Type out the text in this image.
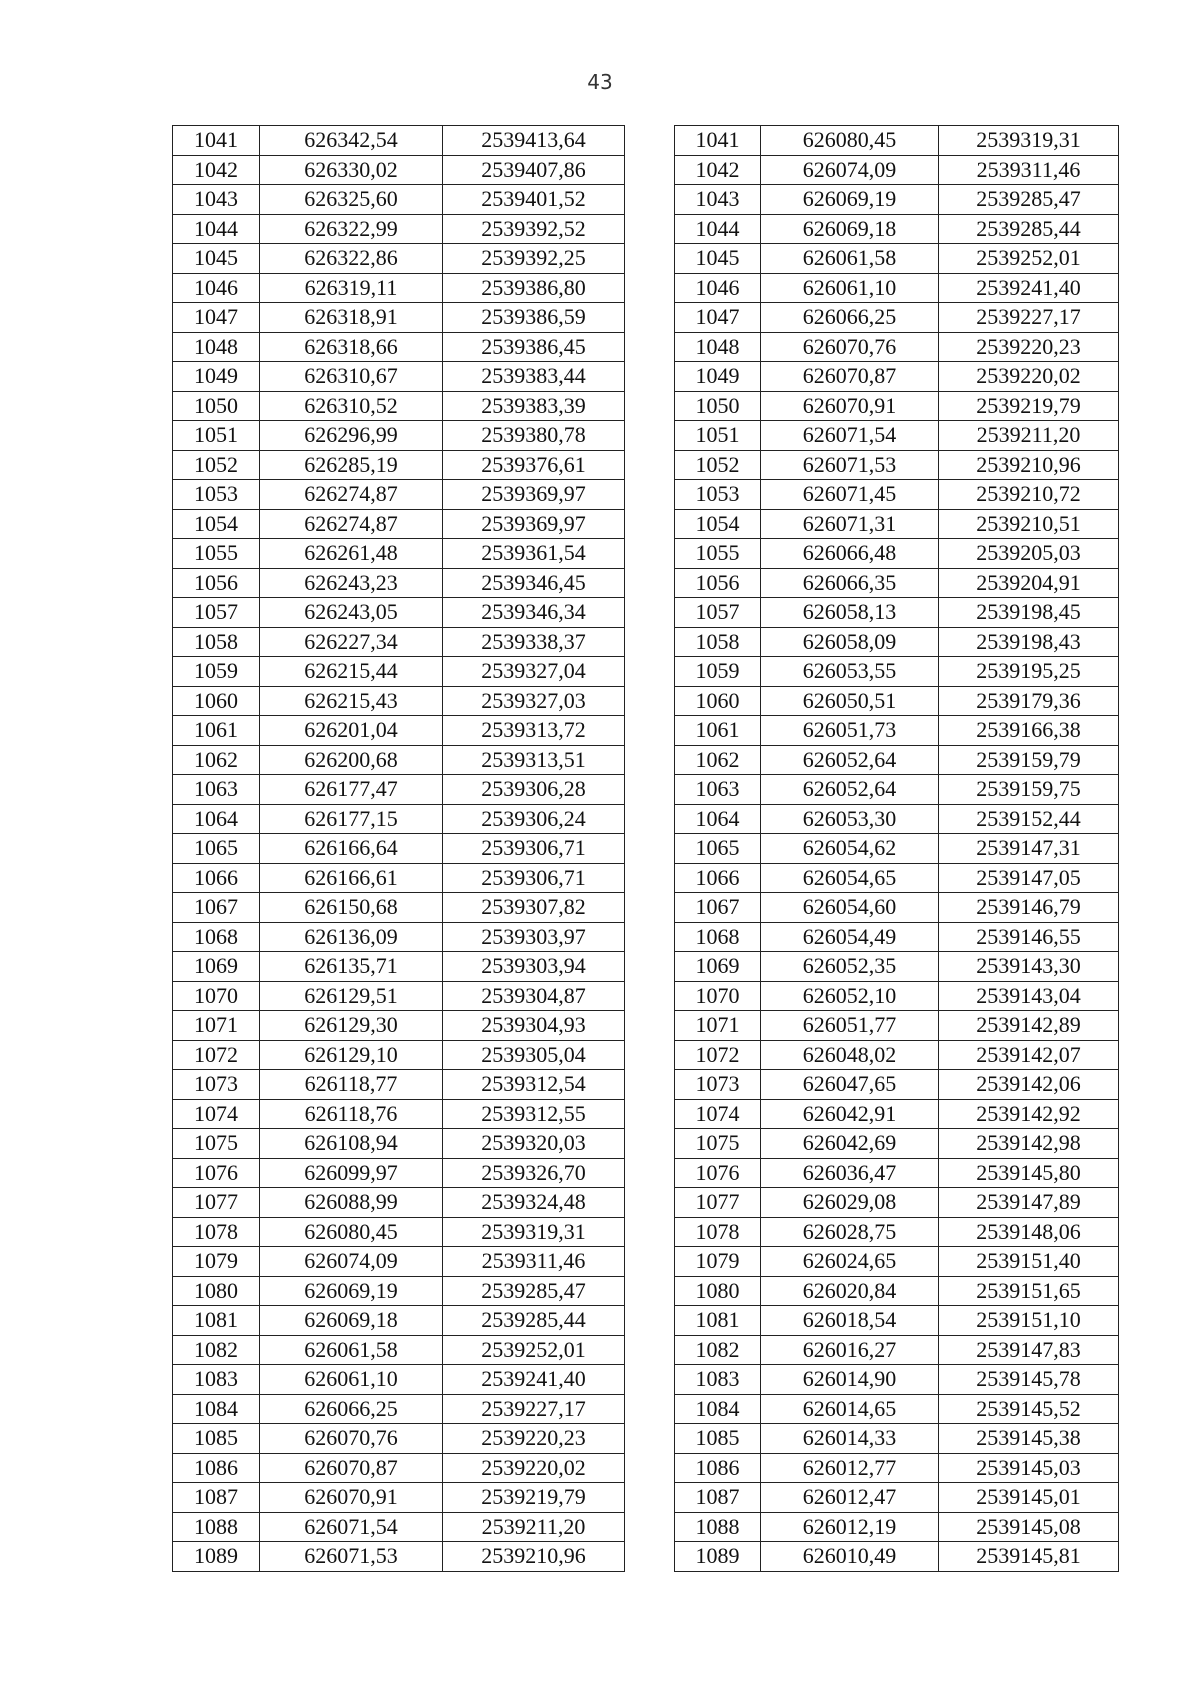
43
1041	626342,54	2539413,64		1041	626080,45	2539319,31
1042	626330,02	2539407,86		1042	626074,09	2539311,46
1043	626325,60	2539401,52		1043	626069,19	2539285,47
1044	626322,99	2539392,52		1044	626069,18	2539285,44
1045	626322,86	2539392,25		1045	626061,58	2539252,01
1046	626319,11	2539386,80		1046	626061,10	2539241,40
1047	626318,91	2539386,59		1047	626066,25	2539227,17
1048	626318,66	2539386,45		1048	626070,76	2539220,23
1049	626310,67	2539383,44		1049	626070,87	2539220,02
1050	626310,52	2539383,39		1050	626070,91	2539219,79
1051	626296,99	2539380,78		1051	626071,54	2539211,20
1052	626285,19	2539376,61		1052	626071,53	2539210,96
1053	626274,87	2539369,97		1053	626071,45	2539210,72
1054	626274,87	2539369,97		1054	626071,31	2539210,51
1055	626261,48	2539361,54		1055	626066,48	2539205,03
1056	626243,23	2539346,45		1056	626066,35	2539204,91
1057	626243,05	2539346,34		1057	626058,13	2539198,45
1058	626227,34	2539338,37		1058	626058,09	2539198,43
1059	626215,44	2539327,04		1059	626053,55	2539195,25
1060	626215,43	2539327,03		1060	626050,51	2539179,36
1061	626201,04	2539313,72		1061	626051,73	2539166,38
1062	626200,68	2539313,51		1062	626052,64	2539159,79
1063	626177,47	2539306,28		1063	626052,64	2539159,75
1064	626177,15	2539306,24		1064	626053,30	2539152,44
1065	626166,64	2539306,71		1065	626054,62	2539147,31
1066	626166,61	2539306,71		1066	626054,65	2539147,05
1067	626150,68	2539307,82		1067	626054,60	2539146,79
1068	626136,09	2539303,97		1068	626054,49	2539146,55
1069	626135,71	2539303,94		1069	626052,35	2539143,30
1070	626129,51	2539304,87		1070	626052,10	2539143,04
1071	626129,30	2539304,93		1071	626051,77	2539142,89
1072	626129,10	2539305,04		1072	626048,02	2539142,07
1073	626118,77	2539312,54		1073	626047,65	2539142,06
1074	626118,76	2539312,55		1074	626042,91	2539142,92
1075	626108,94	2539320,03		1075	626042,69	2539142,98
1076	626099,97	2539326,70		1076	626036,47	2539145,80
1077	626088,99	2539324,48		1077	626029,08	2539147,89
1078	626080,45	2539319,31		1078	626028,75	2539148,06
1079	626074,09	2539311,46		1079	626024,65	2539151,40
1080	626069,19	2539285,47		1080	626020,84	2539151,65
1081	626069,18	2539285,44		1081	626018,54	2539151,10
1082	626061,58	2539252,01		1082	626016,27	2539147,83
1083	626061,10	2539241,40		1083	626014,90	2539145,78
1084	626066,25	2539227,17		1084	626014,65	2539145,52
1085	626070,76	2539220,23		1085	626014,33	2539145,38
1086	626070,87	2539220,02		1086	626012,77	2539145,03
1087	626070,91	2539219,79		1087	626012,47	2539145,01
1088	626071,54	2539211,20		1088	626012,19	2539145,08
1089	626071,53	2539210,96		1089	626010,49	2539145,81
